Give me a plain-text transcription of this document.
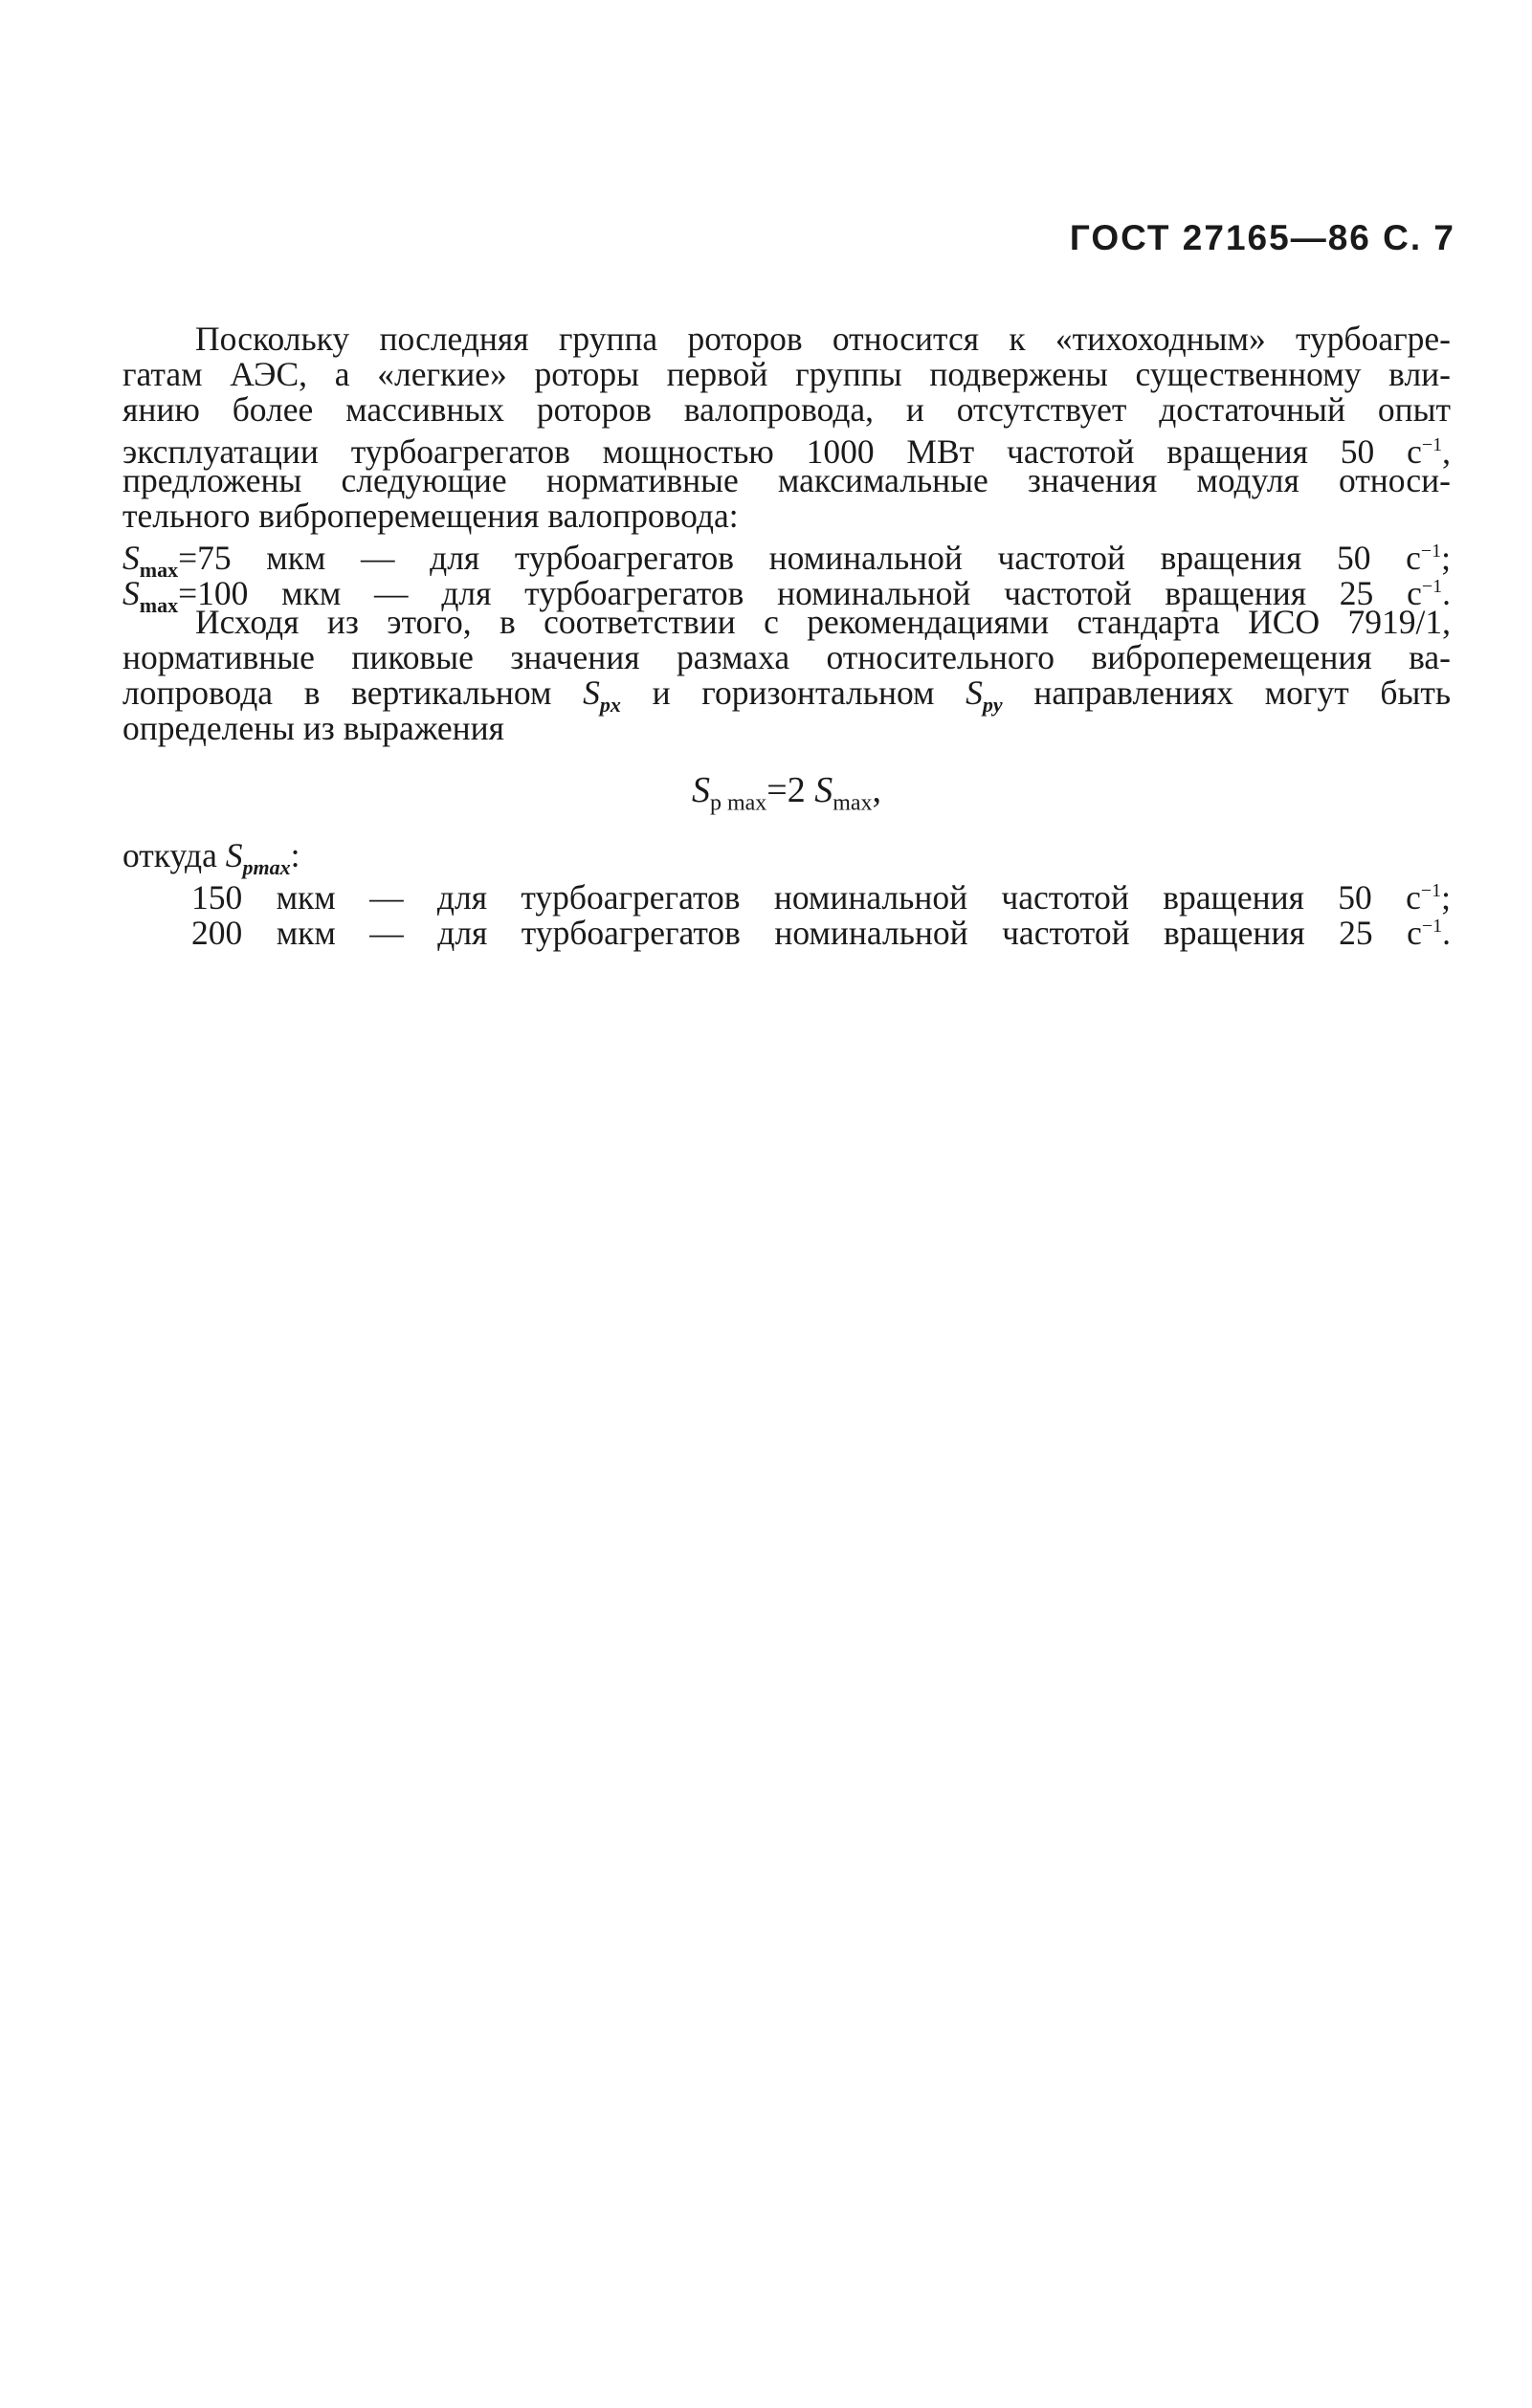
ГОСТ 27165—86 С. 7
Поскольку последняя группа роторов относится к «тихоходным» турбоагре-
гатам АЭС, а «легкие» роторы первой группы подвержены существенному вли-
янию более массивных роторов валопровода, и отсутствует достаточный опыт
эксплуатации турбоагрегатов мощностью 1000 МВт частотой вращения 50 $с^{-1}$,
предложены следующие нормативные максимальные значения модуля относи-
тельного виброперемещения валопровода:
$S_{max}=75$ мкм — для турбоагрегатов номинальной частотой вращения 50 $с^{-1}$;
$S_{max}=100$ мкм — для турбоагрегатов номинальной частотой вращения 25 $с^{-1}$.
Исходя из этого, в соответствии с рекомендациями стандарта ИСО 7919/1,
нормативные пиковые значения размаха относительного виброперемещения ва-
лопровода в вертикальном $S_{px}$ и горизонтальном $S_{py}$ направлениях могут быть
определены из выражения
$S_{p max}=2$ $S_{max}$,
откуда $S_{pmax}$:
150 мкм — для турбоагрегатов номинальной частотой вращения 50 $с^{-1}$;
200 мкм — для турбоагрегатов номинальной частотой вращения 25 $с^{-1}$.
